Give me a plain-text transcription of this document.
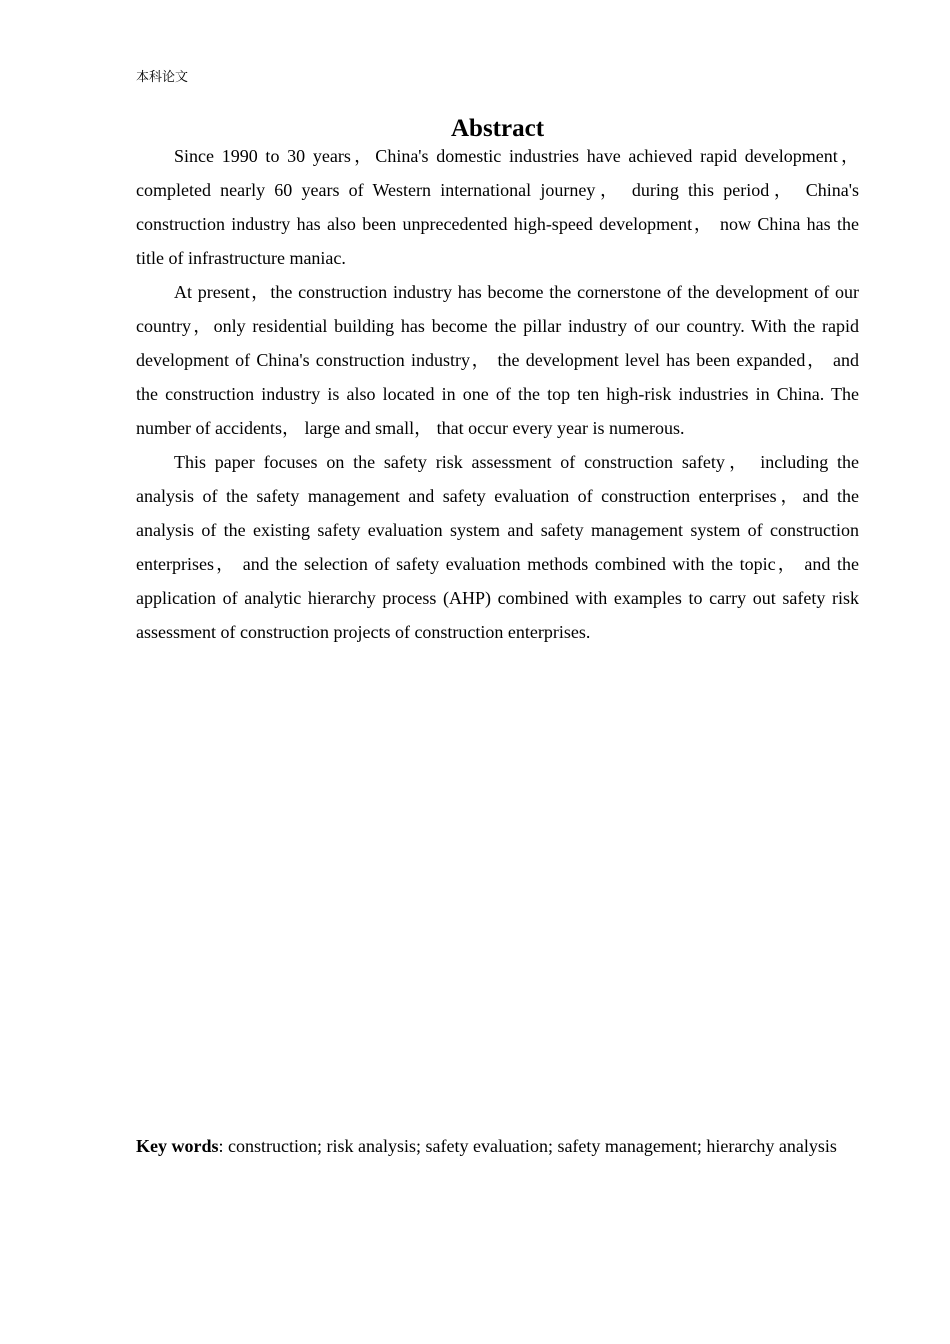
本科论文
Abstract

Since 1990 to 30 years，China's domestic industries have achieved rapid development，completed nearly 60 years of Western international journey， during this period， China's construction industry has also been unprecedented high-speed development， now China has the title of infrastructure maniac.

At present，the construction industry has become the cornerstone of the development of our country，only residential building has become the pillar industry of our country. With the rapid development of China's construction industry， the development level has been expanded， and the construction industry is also located in one of the top ten high-risk industries in China. The number of accidents， large and small， that occur every year is numerous.

This paper focuses on the safety risk assessment of construction safety， including the analysis of the safety management and safety evaluation of construction enterprises，and the analysis of the existing safety evaluation system and safety management system of construction enterprises， and the selection of safety evaluation methods combined with the topic， and the application of analytic hierarchy process (AHP) combined with examples to carry out safety risk assessment of construction projects of construction enterprises.

Key words: construction; risk analysis; safety evaluation; safety management; hierarchy analysis
